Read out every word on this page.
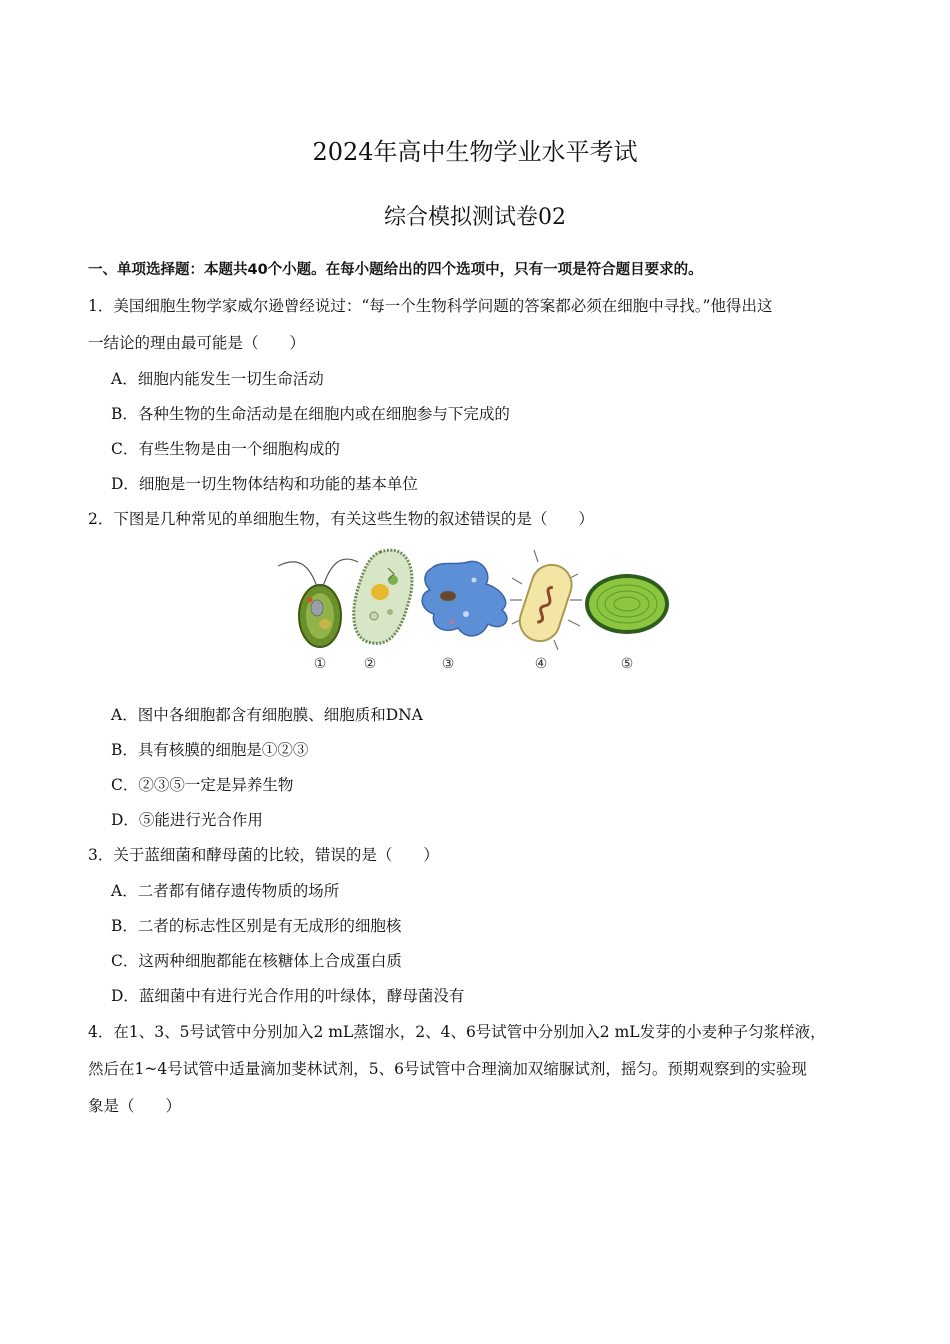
2024年高中生物学业水平考试
综合模拟测试卷02
一、单项选择题：本题共40个小题。在每小题给出的四个选项中，只有一项是符合题目要求的。
1．美国细胞生物学家威尔逊曾经说过：“每一个生物科学问题的答案都必须在细胞中寻找。”他得出这
一结论的理由最可能是（　　）
A．细胞内能发生一切生命活动
B．各种生物的生命活动是在细胞内或在细胞参与下完成的
C．有些生物是由一个细胞构成的
D．细胞是一切生物体结构和功能的基本单位
2．下图是几种常见的单细胞生物，有关这些生物的叙述错误的是（　　）
①	②	③	④	⑤
A．图中各细胞都含有细胞膜、细胞质和DNA
B．具有核膜的细胞是①②③
C．②③⑤一定是异养生物
D．⑤能进行光合作用
3．关于蓝细菌和酵母菌的比较，错误的是（　　）
A．二者都有储存遗传物质的场所
B．二者的标志性区别是有无成形的细胞核
C．这两种细胞都能在核糖体上合成蛋白质
D．蓝细菌中有进行光合作用的叶绿体，酵母菌没有
4．在1、3、5号试管中分别加入2 mL蒸馏水，2、4、6号试管中分别加入2 mL发芽的小麦种子匀浆样液，
然后在1~4号试管中适量滴加斐林试剂，5、6号试管中合理滴加双缩脲试剂，摇匀。预期观察到的实验现
象是（　　）
